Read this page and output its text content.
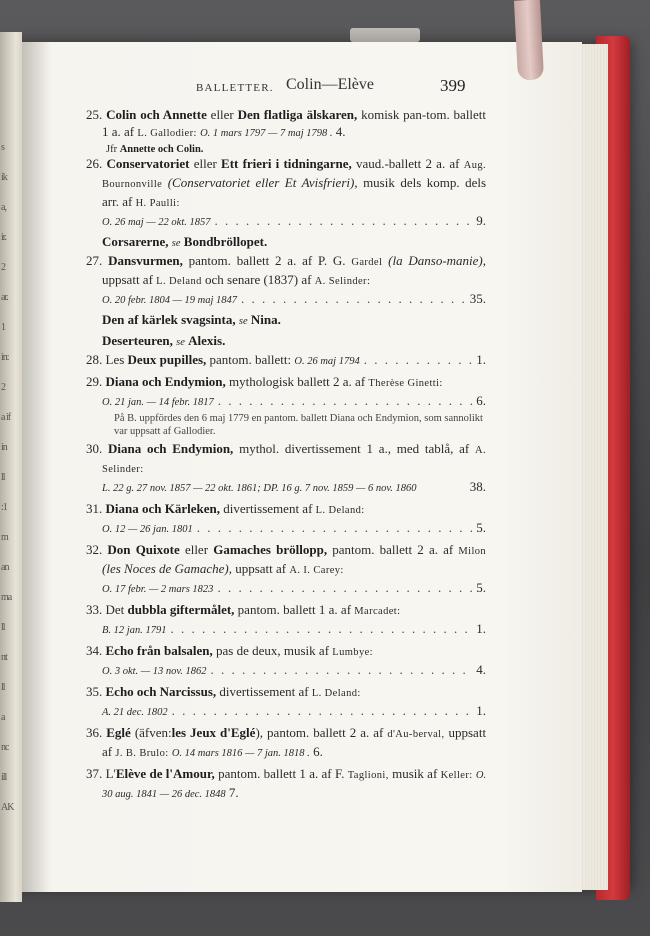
s
ik
a,
ir.
2
ar.
1
in:
2
a if
in
ll
:1
m
an
ma
ll
nt
ll
a
nc
ill
AK
BALLETTER. Colin—Elève	399
25. Colin och Annette eller Den flatliga älskaren, komisk pan-tom. ballett 1 a. af L. Gallodier: O. 1 mars 1797 — 7 maj 1798 . 4.
Jfr Annette och Colin.
26. Conservatoriet eller Ett frieri i tidningarne, vaud.-ballett 2 a. af Aug. Bournonville (Conservatoriet eller Et Avisfrieri), musik dels komp. dels arr. af H. Paulli:
O. 26 maj — 22 okt. 1857 . . .	9.
Corsarerne, se Bondbröllopet.
27. Dansvurmen, pantom. ballett 2 a. af P. G. Gardel (la Danso-manie), uppsatt af L. Deland och senare (1837) af A. Selinder:
O. 20 febr. 1804 — 19 maj 1847 . . .	35.
Den af kärlek svagsinta, se Nina.
Deserteuren, se Alexis.
28. Les Deux pupilles, pantom. ballett: O. 26 maj 1794 . . .	1.
29. Diana och Endymion, mythologisk ballett 2 a. af Therèse Ginetti:
O. 21 jan. — 14 febr. 1817 . . .	6.
På B. uppfördes den 6 maj 1779 en pantom. ballett Diana och Endymion, som sannolikt var uppsatt af Gallodier.
30. Diana och Endymion, mythol. divertissement 1 a., med tablå, af A. Selinder:
L. 22 g. 27 nov. 1857 — 22 okt. 1861; DP. 16 g. 7 nov. 1859 — 6 nov. 1860	38.
31. Diana och Kärleken, divertissement af L. Deland:
O. 12 — 26 jan. 1801 . . .	5.
32. Don Quixote eller Gamaches bröllopp, pantom. ballett 2 a. af Milon (les Noces de Gamache), uppsatt af A. I. Carey:
O. 17 febr. — 2 mars 1823 . . .	5.
33. Det dubbla giftermålet, pantom. ballett 1 a. af Marcadet:
B. 12 jan. 1791 . . .	1.
34. Echo från balsalen, pas de deux, musik af Lumbye:
O. 3 okt. — 13 nov. 1862 . . .	4.
35. Echo och Narcissus, divertissement af L. Deland:
A. 21 dec. 1802 . . .	1.
36. Eglé (äfven:les Jeux d'Eglé), pantom. ballett 2 a. af d'Au-berval, uppsatt af J. B. Brulo: O. 14 mars 1816 — 7 jan. 1818 . 6.
37. L'Elève de l'Amour, pantom. ballett 1 a. af F. Taglioni, musik af Keller: O. 30 aug. 1841 — 26 dec. 1848 7.
